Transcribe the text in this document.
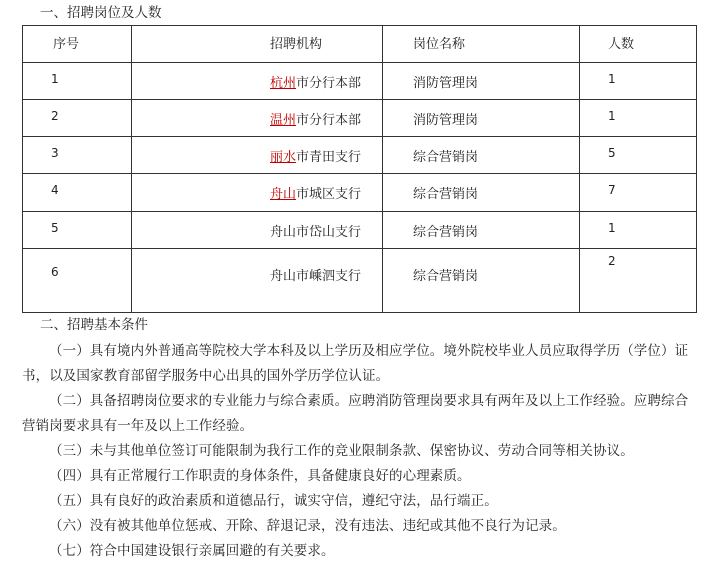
一、招聘岗位及人数
序号	招聘机构	岗位名称	人数

1	杭州市分行本部	消防管理岗	1

2	温州市分行本部	消防管理岗	1

3	丽水市青田支行	综合营销岗	5

4	舟山市城区支行	综合营销岗	7

5	舟山市岱山支行	综合营销岗	1

6	舟山市嵊泗支行	综合营销岗	2
二、招聘基本条件
（一）具有境内外普通高等院校大学本科及以上学历及相应学位。境外院校毕业人员应取得学历（学位）证书，以及国家教育部留学服务中心出具的国外学历学位认证。
（二）具备招聘岗位要求的专业能力与综合素质。应聘消防管理岗要求具有两年及以上工作经验。应聘综合营销岗要求具有一年及以上工作经验。
（三）未与其他单位签订可能限制为我行工作的竞业限制条款、保密协议、劳动合同等相关协议。
（四）具有正常履行工作职责的身体条件，具备健康良好的心理素质。
（五）具有良好的政治素质和道德品行，诚实守信，遵纪守法，品行端正。
（六）没有被其他单位惩戒、开除、辞退记录，没有违法、违纪或其他不良行为记录。
（七）符合中国建设银行亲属回避的有关要求。
